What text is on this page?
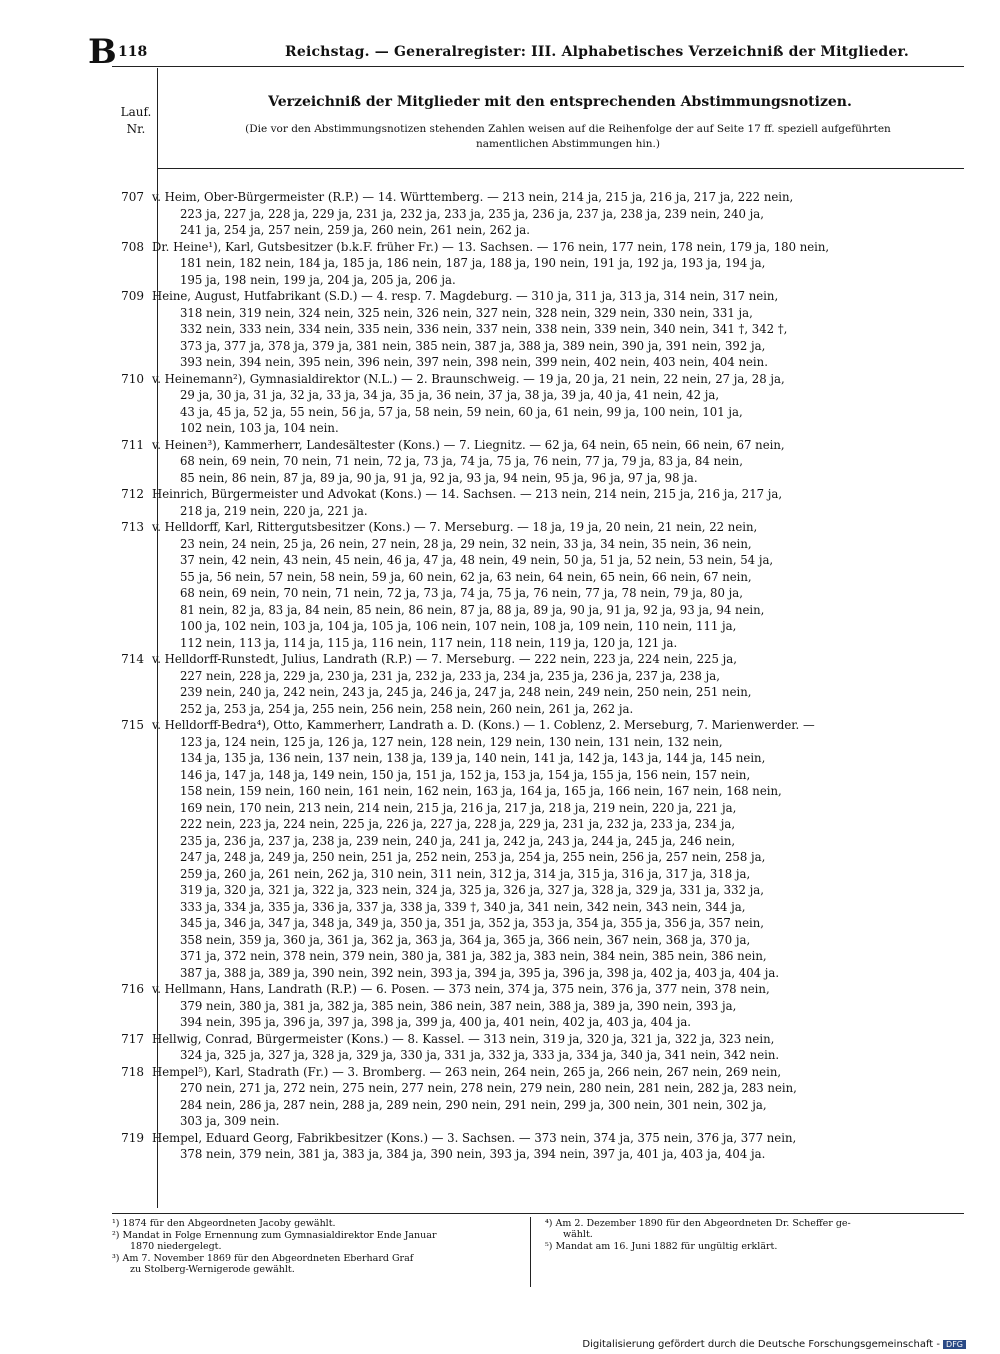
B 118	Reichstag. — Generalregister: III. Alphabetisches Verzeichniß der Mitglieder.
Lauf.
Nr.
Verzeichniß der Mitglieder mit den entsprechenden Abstimmungsnotizen.
(Die vor den Abstimmungsnotizen stehenden Zahlen weisen auf die Reihenfolge der auf Seite 17 ff. speziell aufgeführten
namentlichen Abstimmungen hin.)
707 v. Heim, Ober-Bürgermeister (R.P.) — 14. Württemberg. — 213 nein, 214 ja, 215 ja, 216 ja, 217 ja, 222 nein,
223 ja, 227 ja, 228 ja, 229 ja, 231 ja, 232 ja, 233 ja, 235 ja, 236 ja, 237 ja, 238 ja, 239 nein, 240 ja,
241 ja, 254 ja, 257 nein, 259 ja, 260 nein, 261 nein, 262 ja.
708 Dr. Heine¹), Karl, Gutsbesitzer (b.k.F. früher Fr.) — 13. Sachsen. — 176 nein, 177 nein, 178 nein, 179 ja, 180 nein,
181 nein, 182 nein, 184 ja, 185 ja, 186 nein, 187 ja, 188 ja, 190 nein, 191 ja, 192 ja, 193 ja, 194 ja,
195 ja, 198 nein, 199 ja, 204 ja, 205 ja, 206 ja.
709 Heine, August, Hutfabrikant (S.D.) — 4. resp. 7. Magdeburg. — 310 ja, 311 ja, 313 ja, 314 nein, 317 nein,
318 nein, 319 nein, 324 nein, 325 nein, 326 nein, 327 nein, 328 nein, 329 nein, 330 nein, 331 ja,
332 nein, 333 nein, 334 nein, 335 nein, 336 nein, 337 nein, 338 nein, 339 nein, 340 nein, 341 †, 342 †,
373 ja, 377 ja, 378 ja, 379 ja, 381 nein, 385 nein, 387 ja, 388 ja, 389 nein, 390 ja, 391 nein, 392 ja,
393 nein, 394 nein, 395 nein, 396 nein, 397 nein, 398 nein, 399 nein, 402 nein, 403 nein, 404 nein.
710 v. Heinemann²), Gymnasialdirektor (N.L.) — 2. Braunschweig. — 19 ja, 20 ja, 21 nein, 22 nein, 27 ja, 28 ja,
29 ja, 30 ja, 31 ja, 32 ja, 33 ja, 34 ja, 35 ja, 36 nein, 37 ja, 38 ja, 39 ja, 40 ja, 41 nein, 42 ja,
43 ja, 45 ja, 52 ja, 55 nein, 56 ja, 57 ja, 58 nein, 59 nein, 60 ja, 61 nein, 99 ja, 100 nein, 101 ja,
102 nein, 103 ja, 104 nein.
711 v. Heinen³), Kammerherr, Landesältester (Kons.) — 7. Liegnitz. — 62 ja, 64 nein, 65 nein, 66 nein, 67 nein,
68 nein, 69 nein, 70 nein, 71 nein, 72 ja, 73 ja, 74 ja, 75 ja, 76 nein, 77 ja, 79 ja, 83 ja, 84 nein,
85 nein, 86 nein, 87 ja, 89 ja, 90 ja, 91 ja, 92 ja, 93 ja, 94 nein, 95 ja, 96 ja, 97 ja, 98 ja.
712 Heinrich, Bürgermeister und Advokat (Kons.) — 14. Sachsen. — 213 nein, 214 nein, 215 ja, 216 ja, 217 ja,
218 ja, 219 nein, 220 ja, 221 ja.
713 v. Helldorff, Karl, Rittergutsbesitzer (Kons.) — 7. Merseburg. — 18 ja, 19 ja, 20 nein, 21 nein, 22 nein,
23 nein, 24 nein, 25 ja, 26 nein, 27 nein, 28 ja, 29 nein, 32 nein, 33 ja, 34 nein, 35 nein, 36 nein,
37 nein, 42 nein, 43 nein, 45 nein, 46 ja, 47 ja, 48 nein, 49 nein, 50 ja, 51 ja, 52 nein, 53 nein, 54 ja,
55 ja, 56 nein, 57 nein, 58 nein, 59 ja, 60 nein, 62 ja, 63 nein, 64 nein, 65 nein, 66 nein, 67 nein,
68 nein, 69 nein, 70 nein, 71 nein, 72 ja, 73 ja, 74 ja, 75 ja, 76 nein, 77 ja, 78 nein, 79 ja, 80 ja,
81 nein, 82 ja, 83 ja, 84 nein, 85 nein, 86 nein, 87 ja, 88 ja, 89 ja, 90 ja, 91 ja, 92 ja, 93 ja, 94 nein,
100 ja, 102 nein, 103 ja, 104 ja, 105 ja, 106 nein, 107 nein, 108 ja, 109 nein, 110 nein, 111 ja,
112 nein, 113 ja, 114 ja, 115 ja, 116 nein, 117 nein, 118 nein, 119 ja, 120 ja, 121 ja.
714 v. Helldorff-Runstedt, Julius, Landrath (R.P.) — 7. Merseburg. — 222 nein, 223 ja, 224 nein, 225 ja,
227 nein, 228 ja, 229 ja, 230 ja, 231 ja, 232 ja, 233 ja, 234 ja, 235 ja, 236 ja, 237 ja, 238 ja,
239 nein, 240 ja, 242 nein, 243 ja, 245 ja, 246 ja, 247 ja, 248 nein, 249 nein, 250 nein, 251 nein,
252 ja, 253 ja, 254 ja, 255 nein, 256 nein, 258 nein, 260 nein, 261 ja, 262 ja.
715 v. Helldorff-Bedra⁴), Otto, Kammerherr, Landrath a. D. (Kons.) — 1. Coblenz, 2. Merseburg, 7. Marienwerder. —
123 ja, 124 nein, 125 ja, 126 ja, 127 nein, 128 nein, 129 nein, 130 nein, 131 nein, 132 nein,
134 ja, 135 ja, 136 nein, 137 nein, 138 ja, 139 ja, 140 nein, 141 ja, 142 ja, 143 ja, 144 ja, 145 nein,
146 ja, 147 ja, 148 ja, 149 nein, 150 ja, 151 ja, 152 ja, 153 ja, 154 ja, 155 ja, 156 nein, 157 nein,
158 nein, 159 nein, 160 nein, 161 nein, 162 nein, 163 ja, 164 ja, 165 ja, 166 nein, 167 nein, 168 nein,
169 nein, 170 nein, 213 nein, 214 nein, 215 ja, 216 ja, 217 ja, 218 ja, 219 nein, 220 ja, 221 ja,
222 nein, 223 ja, 224 nein, 225 ja, 226 ja, 227 ja, 228 ja, 229 ja, 231 ja, 232 ja, 233 ja, 234 ja,
235 ja, 236 ja, 237 ja, 238 ja, 239 nein, 240 ja, 241 ja, 242 ja, 243 ja, 244 ja, 245 ja, 246 nein,
247 ja, 248 ja, 249 ja, 250 nein, 251 ja, 252 nein, 253 ja, 254 ja, 255 nein, 256 ja, 257 nein, 258 ja,
259 ja, 260 ja, 261 nein, 262 ja, 310 nein, 311 nein, 312 ja, 314 ja, 315 ja, 316 ja, 317 ja, 318 ja,
319 ja, 320 ja, 321 ja, 322 ja, 323 nein, 324 ja, 325 ja, 326 ja, 327 ja, 328 ja, 329 ja, 331 ja, 332 ja,
333 ja, 334 ja, 335 ja, 336 ja, 337 ja, 338 ja, 339 †, 340 ja, 341 nein, 342 nein, 343 nein, 344 ja,
345 ja, 346 ja, 347 ja, 348 ja, 349 ja, 350 ja, 351 ja, 352 ja, 353 ja, 354 ja, 355 ja, 356 ja, 357 nein,
358 nein, 359 ja, 360 ja, 361 ja, 362 ja, 363 ja, 364 ja, 365 ja, 366 nein, 367 nein, 368 ja, 370 ja,
371 ja, 372 nein, 378 nein, 379 nein, 380 ja, 381 ja, 382 ja, 383 nein, 384 nein, 385 nein, 386 nein,
387 ja, 388 ja, 389 ja, 390 nein, 392 nein, 393 ja, 394 ja, 395 ja, 396 ja, 398 ja, 402 ja, 403 ja, 404 ja.
716 v. Hellmann, Hans, Landrath (R.P.) — 6. Posen. — 373 nein, 374 ja, 375 nein, 376 ja, 377 nein, 378 nein,
379 nein, 380 ja, 381 ja, 382 ja, 385 nein, 386 nein, 387 nein, 388 ja, 389 ja, 390 nein, 393 ja,
394 nein, 395 ja, 396 ja, 397 ja, 398 ja, 399 ja, 400 ja, 401 nein, 402 ja, 403 ja, 404 ja.
717 Hellwig, Conrad, Bürgermeister (Kons.) — 8. Kassel. — 313 nein, 319 ja, 320 ja, 321 ja, 322 ja, 323 nein,
324 ja, 325 ja, 327 ja, 328 ja, 329 ja, 330 ja, 331 ja, 332 ja, 333 ja, 334 ja, 340 ja, 341 nein, 342 nein.
718 Hempel⁵), Karl, Stadrath (Fr.) — 3. Bromberg. — 263 nein, 264 nein, 265 ja, 266 nein, 267 nein, 269 nein,
270 nein, 271 ja, 272 nein, 275 nein, 277 nein, 278 nein, 279 nein, 280 nein, 281 nein, 282 ja, 283 nein,
284 nein, 286 ja, 287 nein, 288 ja, 289 nein, 290 nein, 291 nein, 299 ja, 300 nein, 301 nein, 302 ja,
303 ja, 309 nein.
719 Hempel, Eduard Georg, Fabrikbesitzer (Kons.) — 3. Sachsen. — 373 nein, 374 ja, 375 nein, 376 ja, 377 nein,
378 nein, 379 nein, 381 ja, 383 ja, 384 ja, 390 nein, 393 ja, 394 nein, 397 ja, 401 ja, 403 ja, 404 ja.
¹) 1874 für den Abgeordneten Jacoby gewählt.
²) Mandat in Folge Ernennung zum Gymnasialdirektor Ende Januar
1870 niedergelegt.
³) Am 7. November 1869 für den Abgeordneten Eberhard Graf
zu Stolberg-Wernigerode gewählt.
⁴) Am 2. Dezember 1890 für den Abgeordneten Dr. Scheffer ge-
wählt.
⁵) Mandat am 16. Juni 1882 für ungültig erklärt.
Digitalisierung gefördert durch die Deutsche Forschungsgemeinschaft - DFG
